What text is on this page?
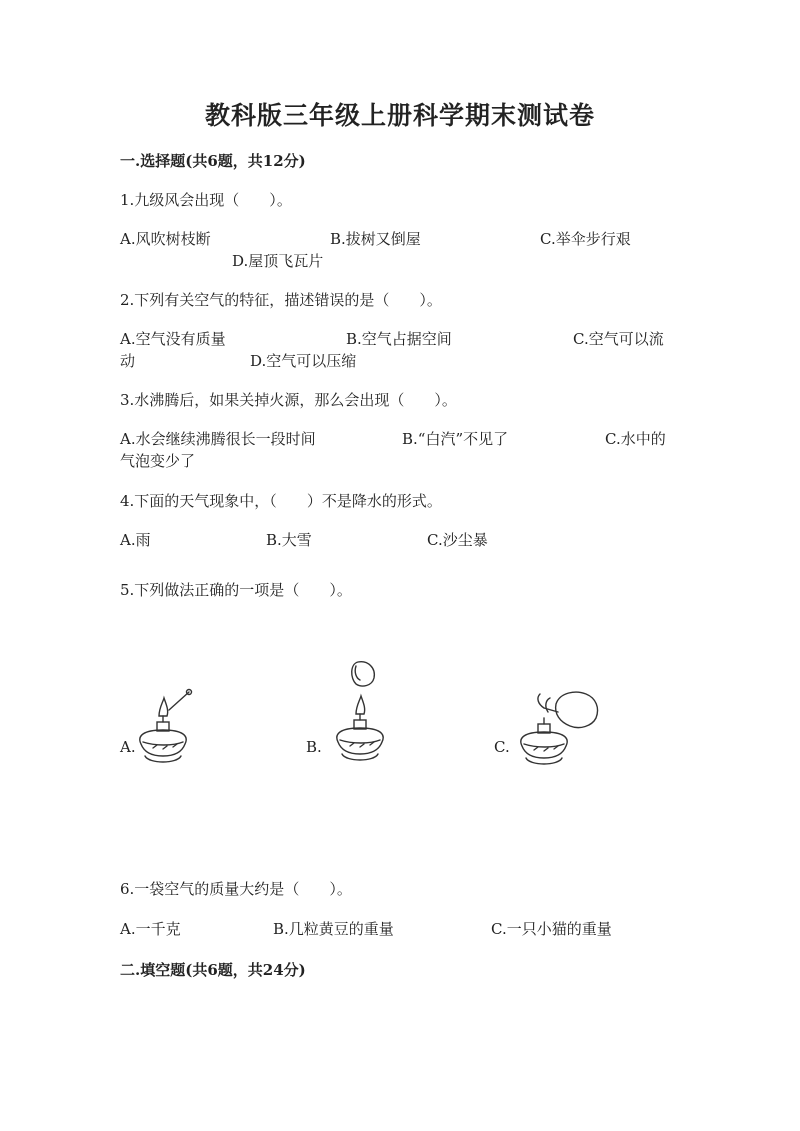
教科版三年级上册科学期末测试卷
一.选择题(共6题，共12分)
1.九级风会出现（　　）。
A.风吹树枝断	B.拔树又倒屋	C.举伞步行艰
D.屋顶飞瓦片
2.下列有关空气的特征，描述错误的是（　　）。
A.空气没有质量	B.空气占据空间	C.空气可以流
动	D.空气可以压缩
3.水沸腾后，如果关掉火源，那么会出现（　　）。
A.水会继续沸腾很长一段时间	B.“白汽”不见了	C.水中的
气泡变少了
4.下面的天气现象中，（　　）不是降水的形式。
A.雨	B.大雪	C.沙尘暴
5.下列做法正确的一项是（　　）。
A.	B.	C.
6.一袋空气的质量大约是（　　）。
A.一千克	B.几粒黄豆的重量	C.一只小猫的重量
二.填空题(共6题，共24分)
